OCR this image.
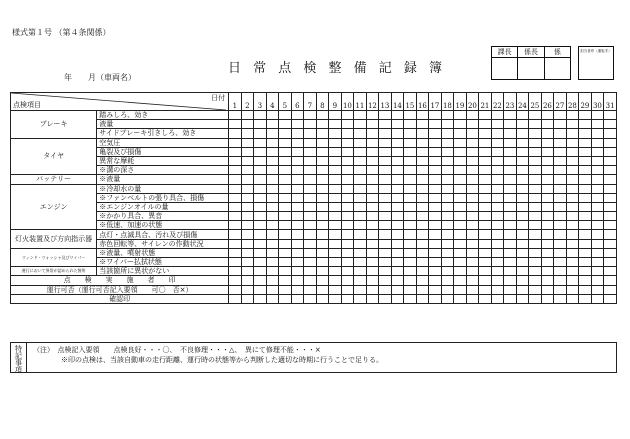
様式第１号 （第４条関係）
日 常 点 検 整 備 記 録 簿
年　　月（車両名）
課長	係長	係	担当者印（運転手）
日付
点検項目		1	2	3	4	5	6	7	8	9	10	11	12	13	14	15	16	17	18	19	20	21	22	23	24	25	26	27	28	29	30	31
ブレーキ	踏みしろ、効き																															
	液量																															
	サイドブレーキ引きしろ、効き																															
タイヤ	空気圧																															
	亀裂及び損傷																															
	異常な摩耗																															
	※溝の深さ																															
バッテリー	※液量																															
エンジン	※冷却水の量																															
	※ファンベルトの張り具合、損傷																															
	※エンジンオイルの量																															
	※かかり具合、異音																															
	※低速、加速の状態																															
灯火装置及び方向指示器	点灯・点滅具合、汚れ及び損傷																															
	赤色回転等、サイレンの作動状況																															
ウィンド・ウォッシャ及びワイパー	※液量、噴射状態																															
	※ワイパー払拭状態																															
運行において異常が認められた箇所	当該箇所に異状がない																															
点　　検　　実　　施　　者　　印																																
運行可否（運行可否記入要領　　可〇　否×）																																
確認印																																
特記事項 （注）　点検記入要領　　点検良好・・・〇、　不良修理・・・△、　異にて修理不能・・・×
※印の点検は、当該自動車の走行距離、運行時の状態等から判断した適切な時期に行うことで足りる。
